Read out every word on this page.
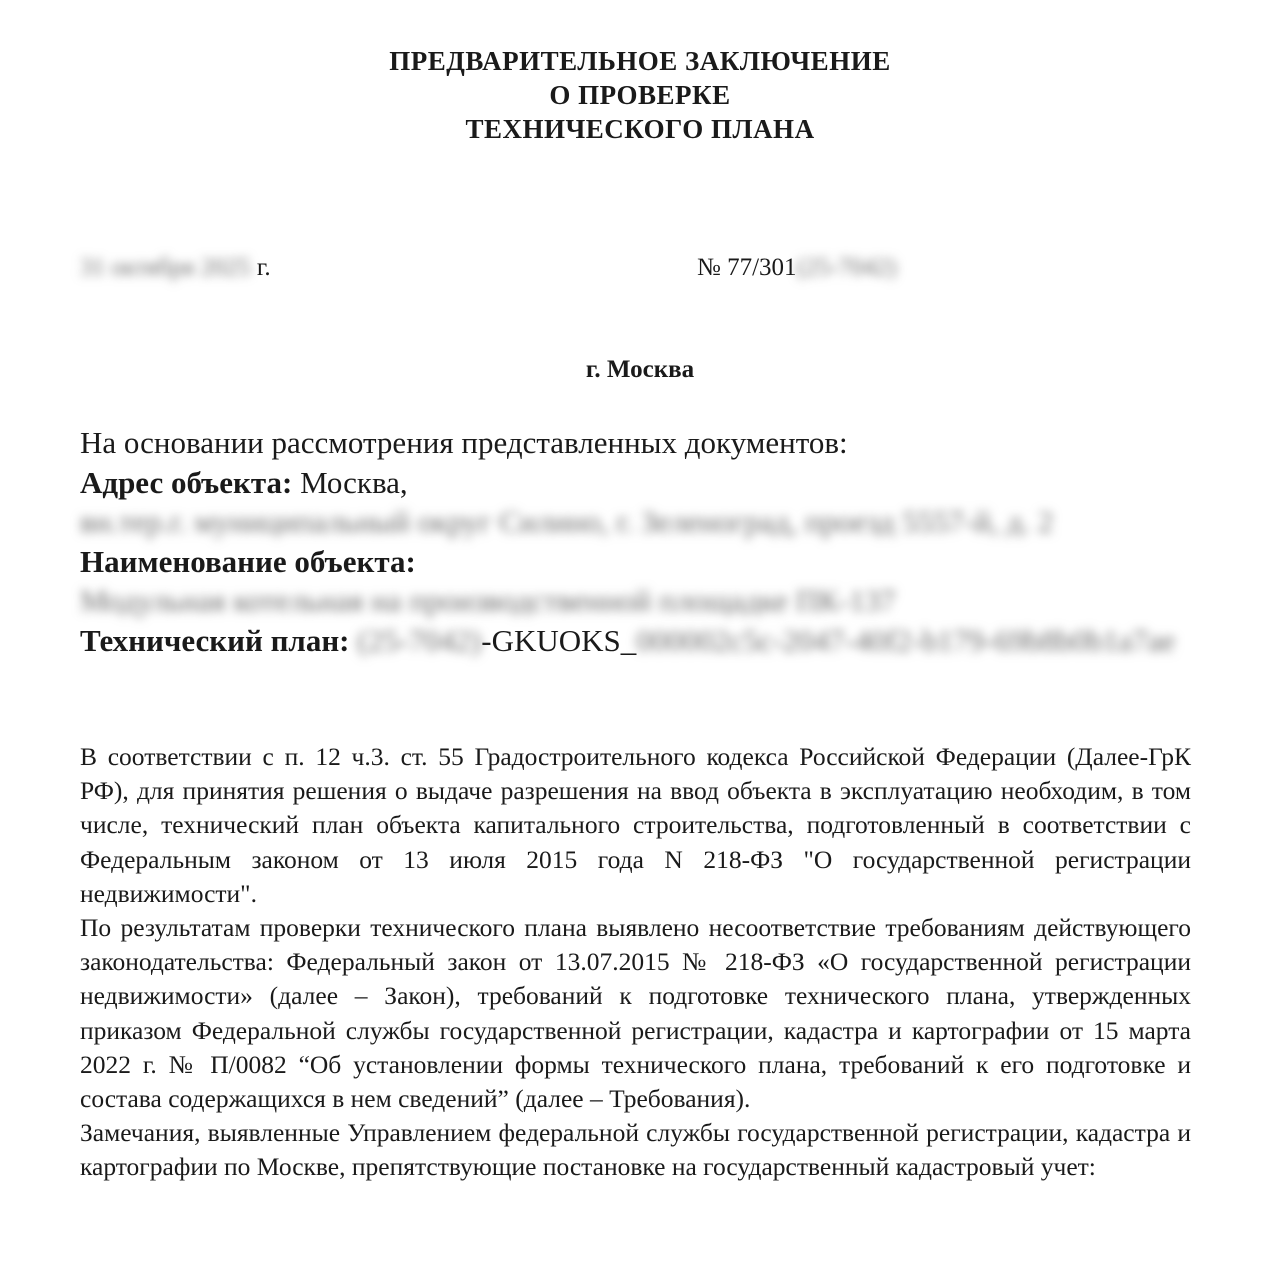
ПРЕДВАРИТЕЛЬНОЕ ЗАКЛЮЧЕНИЕ
О ПРОВЕРКЕ
ТЕХНИЧЕСКОГО ПЛАНА
31 октября 2025 г.	№ 77/301(25-7042)
г. Москва

На основании рассмотрения представленных документов:

Адрес объекта: Москва, вн.тер.г. муниципальный округ Силино, г. Зеленоград, проезд 5557-й, д. 2

Наименование объекта: Модульная котельная на производственной площадке ПК-137

Технический план: (25-7042)-GKUOKS_000002c5c-2047-40f2-b179-69b8b0b1a7ae

В соответствии с п. 12 ч.3. ст. 55 Градостроительного кодекса Российской Федерации (Далее-ГрК РФ), для принятия решения о выдаче разрешения на ввод объекта в эксплуатацию необходим, в том числе, технический план объекта капитального строительства, подготовленный в соответствии с Федеральным законом от 13 июля 2015 года N 218-ФЗ "О государственной регистрации недвижимости".

По результатам проверки технического плана выявлено несоответствие требованиям действующего законодательства: Федеральный закон от 13.07.2015 № 218-ФЗ «О государственной регистрации недвижимости» (далее – Закон), требований к подготовке технического плана, утвержденных приказом Федеральной службы государственной регистрации, кадастра и картографии от 15 марта 2022 г. № П/0082 “Об установлении формы технического плана, требований к его подготовке и состава содержащихся в нем сведений” (далее – Требования).

Замечания, выявленные Управлением федеральной службы государственной регистрации, кадастра и картографии по Москве, препятствующие постановке на государственный кадастровый учет:
